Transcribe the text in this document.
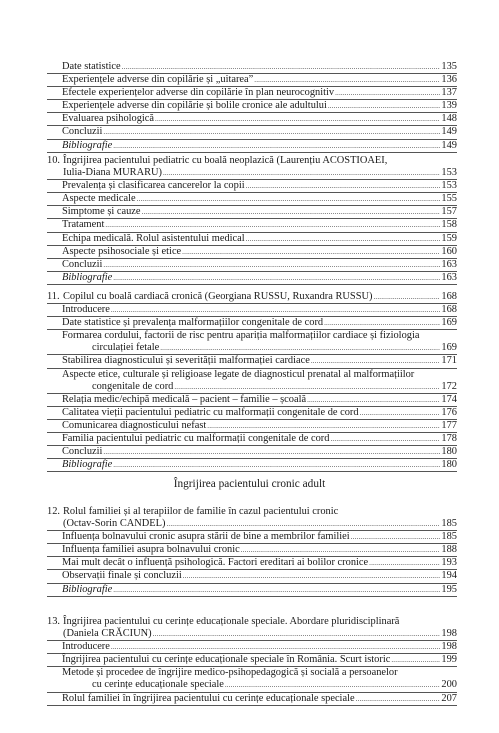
Date statistice .....	135
Experiențele adverse din copilărie și „uitarea” .....	136
Efectele experiențelor adverse din copilărie în plan neurocognitiv .....	137
Experiențele adverse din copilărie și bolile cronice ale adultului .....	139
Evaluarea psihologică .....	148
Concluzii .....	149
Bibliografie .....	149
10. Îngrijirea pacientului pediatric cu boală neoplazică (Laurențiu ACOSTIOAEI,
Iulia-Diana MURARU) .....	153
Prevalența și clasificarea cancerelor la copii .....	153
Aspecte medicale .....	155
Simptome și cauze .....	157
Tratament .....	158
Echipa medicală. Rolul asistentului medical .....	159
Aspecte psihosociale și etice .....	160
Concluzii .....	163
Bibliografie .....	163
11. Copilul cu boală cardiacă cronică (Georgiana RUSSU, Ruxandra RUSSU) .....	168
Introducere .....	168
Date statistice și prevalența malformațiilor congenitale de cord .....	169
Formarea cordului, factorii de risc pentru apariția malformațiilor cardiace și fiziologia
circulației fetale .....	169
Stabilirea diagnosticului și severității malformației cardiace .....	171
Aspecte etice, culturale și religioase legate de diagnosticul prenatal al malformațiilor
congenitale de cord .....	172
Relația medic/echipă medicală – pacient – familie – școală .....	174
Calitatea vieții pacientului pediatric cu malformații congenitale de cord .....	176
Comunicarea diagnosticului nefast .....	177
Familia pacientului pediatric cu malformații congenitale de cord .....	178
Concluzii .....	180
Bibliografie .....	180
Îngrijirea pacientului cronic adult
12. Rolul familiei și al terapiilor de familie în cazul pacientului cronic
(Octav-Sorin CANDEL) .....	185
Influența bolnavului cronic asupra stării de bine a membrilor familiei .....	185
Influența familiei asupra bolnavului cronic .....	188
Mai mult decât o influență psihologică. Factori ereditari ai bolilor cronice .....	193
Observații finale și concluzii .....	194
Bibliografie .....	195
13. Îngrijirea pacientului cu cerințe educaționale speciale. Abordare pluridisciplinară
(Daniela CRĂCIUN) .....	198
Introducere .....	198
Îngrijirea pacientului cu cerințe educaționale speciale în România. Scurt istoric .....	199
Metode și procedee de îngrijire medico-psihopedagogică și socială a persoanelor
cu cerințe educaționale speciale .....	200
Rolul familiei în îngrijirea pacientului cu cerințe educaționale speciale .....	207
